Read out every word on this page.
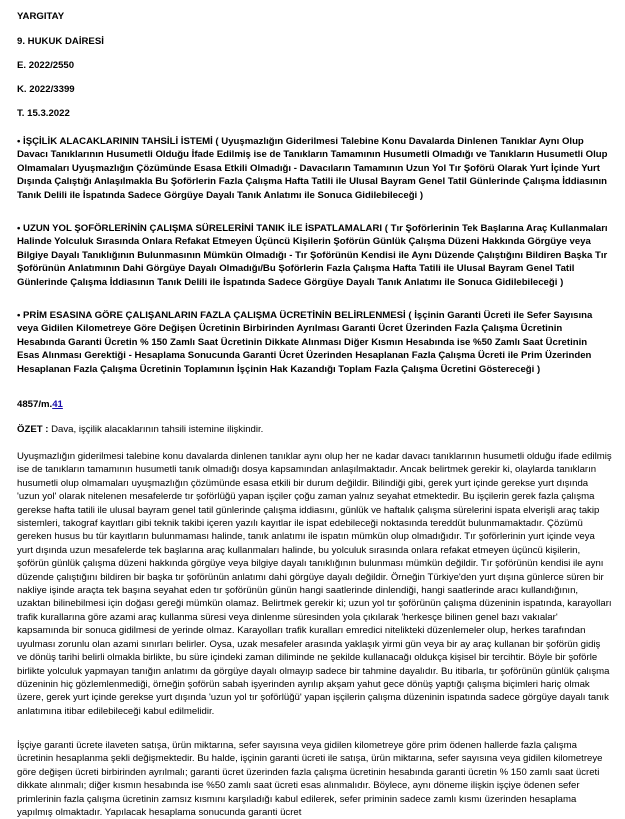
YARGITAY

9. HUKUK DAİRESİ

E. 2022/2550

K. 2022/3399

T. 15.3.2022

• İŞÇİLİK ALACAKLARININ TAHSİLİ İSTEMİ ( Uyuşmazlığın Giderilmesi Talebine Konu Davalarda Dinlenen Tanıklar Aynı Olup Davacı Tanıklarının Husumetli Olduğu İfade Edilmiş ise de Tanıkların Tamamının Husumetli Olmadığı ve Tanıkların Husumetli Olup Olmamaları Uyuşmazlığın Çözümünde Esasa Etkili Olmadığı - Davacıların Tamamının Uzun Yol Tır Şoförü Olarak Yurt İçinde Yurt Dışında Çalıştığı Anlaşılmakla Bu Şoförlerin Fazla Çalışma Hafta Tatili ile Ulusal Bayram Genel Tatil Günlerinde Çalışma İddiasının Tanık Delili ile İspatında Sadece Görgüye Dayalı Tanık Anlatımı ile Sonuca Gidilebileceği )

• UZUN YOL ŞOFÖRLERİNİN ÇALIŞMA SÜRELERİNİ TANIK İLE İSPATLAMALARI ( Tır Şoförlerinin Tek Başlarına Araç Kullanmaları Halinde Yolculuk Sırasında Onlara Refakat Etmeyen Üçüncü Kişilerin Şoförün Günlük Çalışma Düzeni Hakkında Görgüye veya Bilgiye Dayalı Tanıklığının Bulunmasının Mümkün Olmadığı - Tır Şoförünün Kendisi ile Aynı Düzende Çalıştığını Bildiren Başka Tır Şoförünün Anlatımının Dahi Görgüye Dayalı Olmadığı/Bu Şoförlerin Fazla Çalışma Hafta Tatili ile Ulusal Bayram Genel Tatil Günlerinde Çalışma İddiasının Tanık Delili ile İspatında Sadece Görgüye Dayalı Tanık Anlatımı ile Sonuca Gidilebileceği )

• PRİM ESASINA GÖRE ÇALIŞANLARIN FAZLA ÇALIŞMA ÜCRETİNİN BELİRLENMESİ ( İşçinin Garanti Ücreti ile Sefer Sayısına veya Gidilen Kilometreye Göre Değişen Ücretinin Birbirinden Ayrılması Garanti Ücret Üzerinden Fazla Çalışma Ücretinin Hesabında Garanti Ücretin % 150 Zamlı Saat Ücretinin Dikkate Alınması Diğer Kısmın Hesabında ise %50 Zamlı Saat Ücretinin Esas Alınması Gerektiği - Hesaplama Sonucunda Garanti Ücret Üzerinden Hesaplanan Fazla Çalışma Ücreti ile Prim Üzerinden Hesaplanan Fazla Çalışma Ücretinin Toplamının İşçinin Hak Kazandığı Toplam Fazla Çalışma Ücretini Göstereceği )

4857/m.41

ÖZET : Dava, işçilik alacaklarının tahsili istemine ilişkindir.

Uyuşmazlığın giderilmesi talebine konu davalarda dinlenen tanıklar aynı olup her ne kadar davacı tanıklarının husumetli olduğu ifade edilmiş ise de tanıkların tamamının husumetli tanık olmadığı dosya kapsamından anlaşılmaktadır. Ancak belirtmek gerekir ki, olaylarda tanıkların husumetli olup olmamaları uyuşmazlığın çözümünde esasa etkili bir durum değildir. Bilindiği gibi, gerek yurt içinde gerekse yurt dışında 'uzun yol' olarak nitelenen mesafelerde tır şoförlüğü yapan işçiler çoğu zaman yalnız seyahat etmektedir. Bu işçilerin gerek fazla çalışma gerekse hafta tatili ile ulusal bayram genel tatil günlerinde çalışma iddiasını, günlük ve haftalık çalışma sürelerini ispata elverişli araç takip sistemleri, takograf kayıtları gibi teknik takibi içeren yazılı kayıtlar ile ispat edebileceği noktasında tereddüt bulunmamaktadır. Çözümü gereken husus bu tür kayıtların bulunmaması halinde, tanık anlatımı ile ispatın mümkün olup olmadığıdır. Tır şoförlerinin yurt içinde veya yurt dışında uzun mesafelerde tek başlarına araç kullanmaları halinde, bu yolculuk sırasında onlara refakat etmeyen üçüncü kişilerin, şoförün günlük çalışma düzeni hakkında görgüye veya bilgiye dayalı tanıklığının bulunması mümkün değildir. Tır şoförünün kendisi ile aynı düzende çalıştığını bildiren bir başka tır şoförünün anlatımı dahi görgüye dayalı değildir. Örneğin Türkiye'den yurt dışına günlerce süren bir nakliye işinde araçta tek başına seyahat eden tır şoförünün günün hangi saatlerinde dinlendiği, hangi saatlerinde aracı kullandığının, uzaktan bilinebilmesi için doğası gereği mümkün olamaz. Belirtmek gerekir ki; uzun yol tır şoförünün çalışma düzeninin ispatında, karayolları trafik kurallarına göre azami araç kullanma süresi veya dinlenme süresinden yola çıkılarak 'herkesçe bilinen genel bazı vakıalar' kapsamında bir sonuca gidilmesi de yerinde olmaz. Karayolları trafik kuralları emredici nitelikteki düzenlemeler olup, herkes tarafından uyulması zorunlu olan azami sınırları belirler. Oysa, uzak mesafeler arasında yaklaşık yirmi gün veya bir ay araç kullanan bir şoförün gidiş ve dönüş tarihi belirli olmakla birlikte, bu süre içindeki zaman diliminde ne şekilde kullanacağı oldukça kişisel bir tercihtir. Böyle bir şoförle birlikte yolculuk yapmayan tanığın anlatımı da görgüye dayalı olmayıp sadece bir tahmine dayalıdır. Bu itibarla, tır şoförünün günlük çalışma düzeninin hiç gözlemlenmediği, örneğin şoförün sabah işyerinden ayrılıp akşam yahut gece dönüş yaptığı çalışma biçimleri hariç olmak üzere, gerek yurt içinde gerekse yurt dışında 'uzun yol tır şoförlüğü' yapan işçilerin çalışma düzeninin ispatında sadece görgüye dayalı tanık anlatımına itibar edilebileceği kabul edilmelidir.

İşçiye garanti ücrete ilaveten satışa, ürün miktarına, sefer sayısına veya gidilen kilometreye göre prim ödenen hallerde fazla çalışma ücretinin hesaplanma şekli değişmektedir. Bu halde, işçinin garanti ücreti ile satışa, ürün miktarına, sefer sayısına veya gidilen kilometreye göre değişen ücreti birbirinden ayrılmalı; garanti ücret üzerinden fazla çalışma ücretinin hesabında garanti ücretin % 150 zamlı saat ücreti dikkate alınmalı; diğer kısmın hesabında ise %50 zamlı saat ücreti esas alınmalıdır. Böylece, aynı döneme ilişkin işçiye ödenen sefer primlerinin fazla çalışma ücretinin zamsız kısmını karşıladığı kabul edilerek, sefer priminin sadece zamlı kısmı üzerinden hesaplama yapılmış olmaktadır. Yapılacak hesaplama sonucunda garanti ücret
